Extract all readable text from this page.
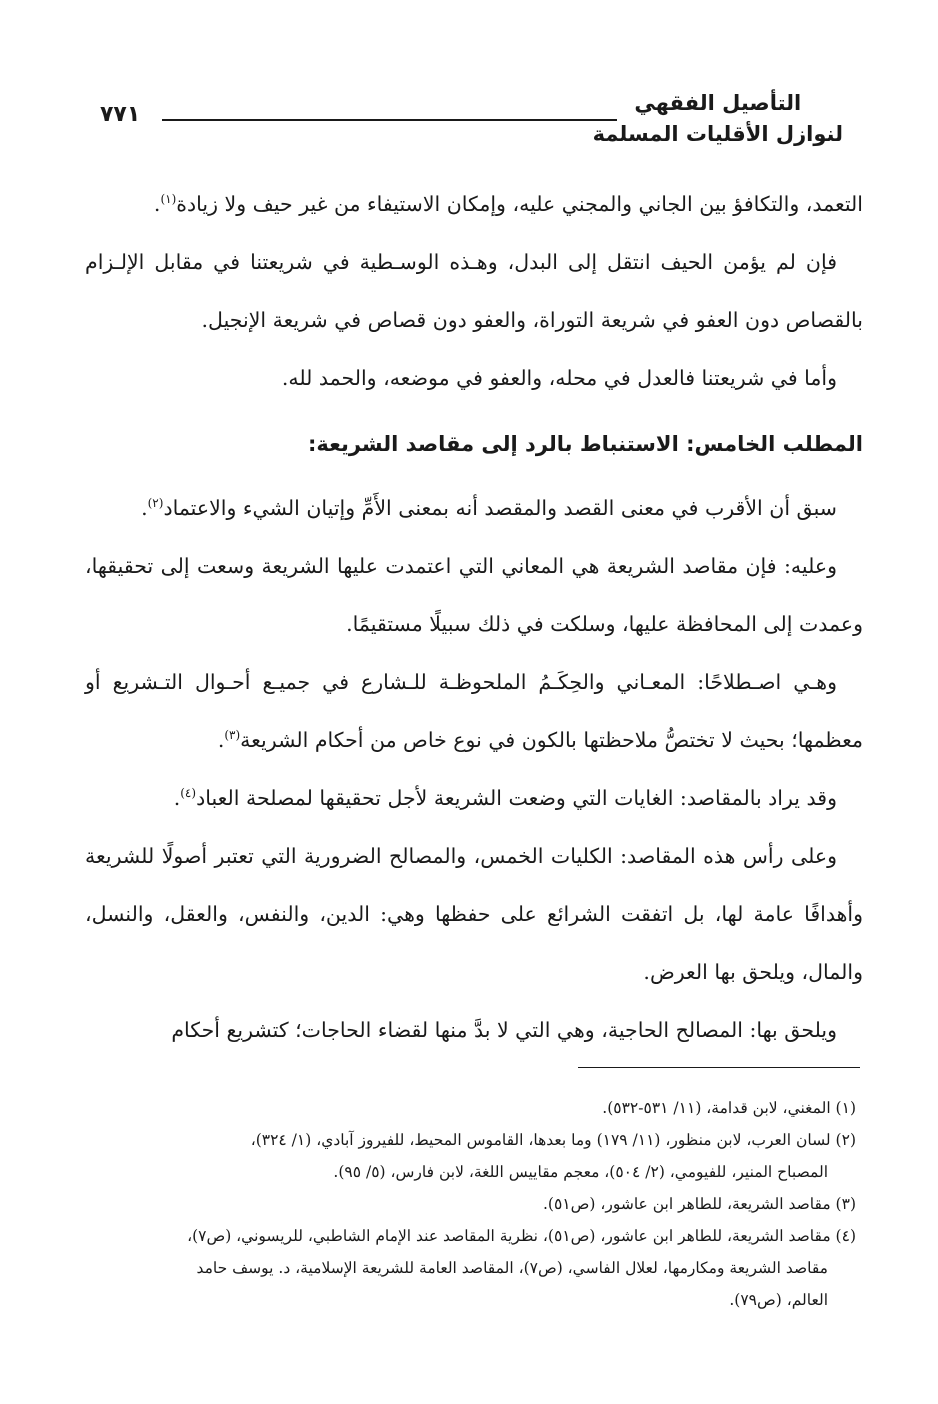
التأصيل الفقهي
لنوازل الأقليات المسلمة
٧٧١

التعمد، والتكافؤ بين الجاني والمجني عليه، وإمكان الاستيفاء من غير حيف ولا زيادة$^{(١)}$.

فإن لم يؤمن الحيف انتقل إلى البدل، وهـذه الوسـطية في شريعتنا في مقابل الإلـزام بالقصاص دون العفو في شريعة التوراة، والعفو دون قصاص في شريعة الإنجيل.

وأما في شريعتنا فالعدل في محله، والعفو في موضعه، والحمد لله.

المطلب الخامس: الاستنباط بالرد إلى مقاصد الشريعة:

سبق أن الأقرب في معنى القصد والمقصد أنه بمعنى الأَمِّ وإتيان الشيء والاعتماد$^{(٢)}$.

وعليه: فإن مقاصد الشريعة هي المعاني التي اعتمدت عليها الشريعة وسعت إلى تحقيقها، وعمدت إلى المحافظة عليها، وسلكت في ذلك سبيلًا مستقيمًا.

وهـي اصـطلاحًا: المعـاني والحِكَـمُ الملحوظـة للـشارع في جميـع أحـوال التـشريع أو معظمها؛ بحيث لا تختصُّ ملاحظتها بالكون في نوع خاص من أحكام الشريعة$^{(٣)}$.

وقد يراد بالمقاصد: الغايات التي وضعت الشريعة لأجل تحقيقها لمصلحة العباد$^{(٤)}$.

وعلى رأس هذه المقاصد: الكليات الخمس، والمصالح الضرورية التي تعتبر أصولًا للشريعة وأهدافًا عامة لها، بل اتفقت الشرائع على حفظها وهي: الدين، والنفس، والعقل، والنسل، والمال، ويلحق بها العرض.

ويلحق بها: المصالح الحاجية، وهي التي لا بدَّ منها لقضاء الحاجات؛ كتشريع أحكام

(١) المغني، لابن قدامة، (١١/ ٥٣١-٥٣٢).

(٢) لسان العرب، لابن منظور، (١١/ ١٧٩) وما بعدها، القاموس المحيط، للفيروز آبادي، (١/ ٣٢٤)،

المصباح المنير، للفيومي، (٢/ ٥٠٤)، معجم مقاييس اللغة، لابن فارس، (٥/ ٩٥).

(٣) مقاصد الشريعة، للطاهر ابن عاشور، (ص٥١).

(٤) مقاصد الشريعة، للطاهر ابن عاشور، (ص٥١)، نظرية المقاصد عند الإمام الشاطبي، للريسوني، (ص٧)،

مقاصد الشريعة ومكارمها، لعلال الفاسي، (ص٧)، المقاصد العامة للشريعة الإسلامية، د. يوسف حامد

العالم، (ص٧٩).
